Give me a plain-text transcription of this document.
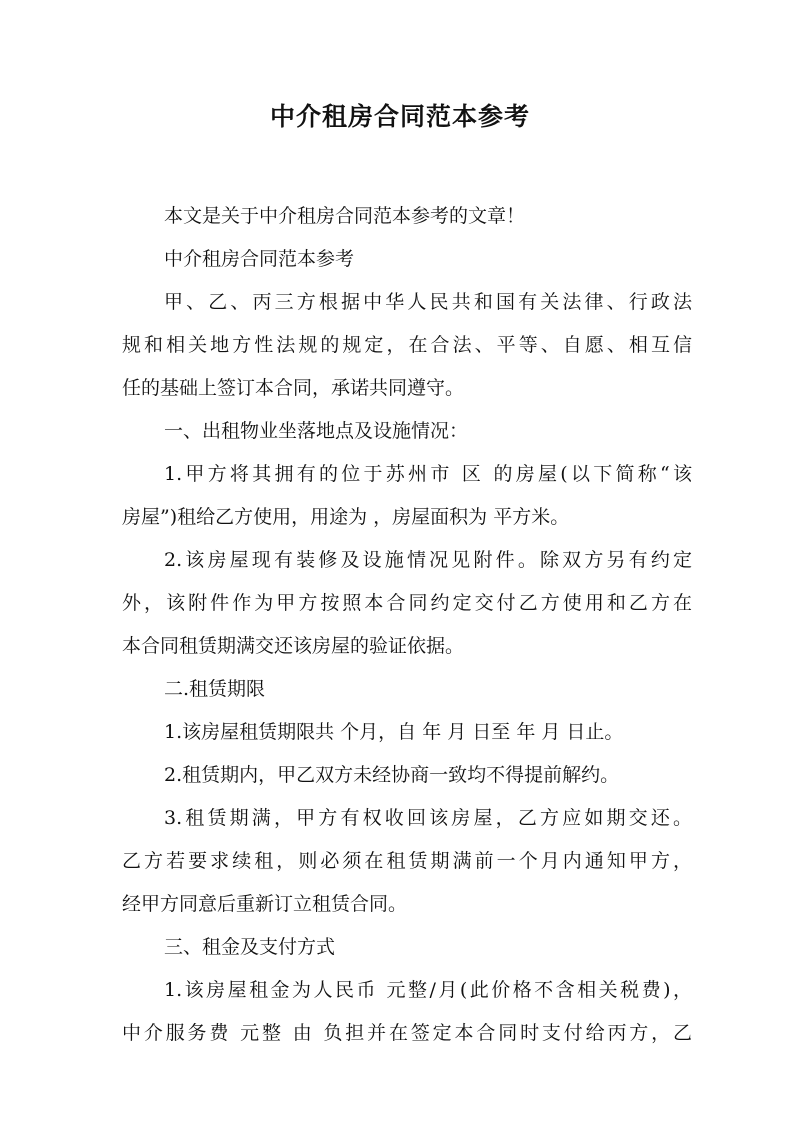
中介租房合同范本参考

本文是关于中介租房合同范本参考的文章！

中介租房合同范本参考

甲、乙、丙三方根据中华人民共和国有关法律、行政法
规和相关地方性法规的规定，在合法、平等、自愿、相互信
任的基础上签订本合同，承诺共同遵守。

一、出租物业坐落地点及设施情况：

1.甲方将其拥有的位于苏州市 区 的房屋(以下简称“该
房屋”)租给乙方使用，用途为 ，房屋面积为 平方米。
2.该房屋现有装修及设施情况见附件。除双方另有约定
外，该附件作为甲方按照本合同约定交付乙方使用和乙方在
本合同租赁期满交还该房屋的验证依据。

二.租赁期限

1.该房屋租赁期限共 个月，自 年 月 日至 年 月 日止。

2.租赁期内，甲乙双方未经协商一致均不得提前解约。

3.租赁期满，甲方有权收回该房屋，乙方应如期交还。
乙方若要求续租，则必须在租赁期满前一个月内通知甲方，
经甲方同意后重新订立租赁合同。

三、租金及支付方式

1.该房屋租金为人民币 元整/月(此价格不含相关税费)，
中介服务费 元整 由 负担并在签定本合同时支付给丙方，乙
